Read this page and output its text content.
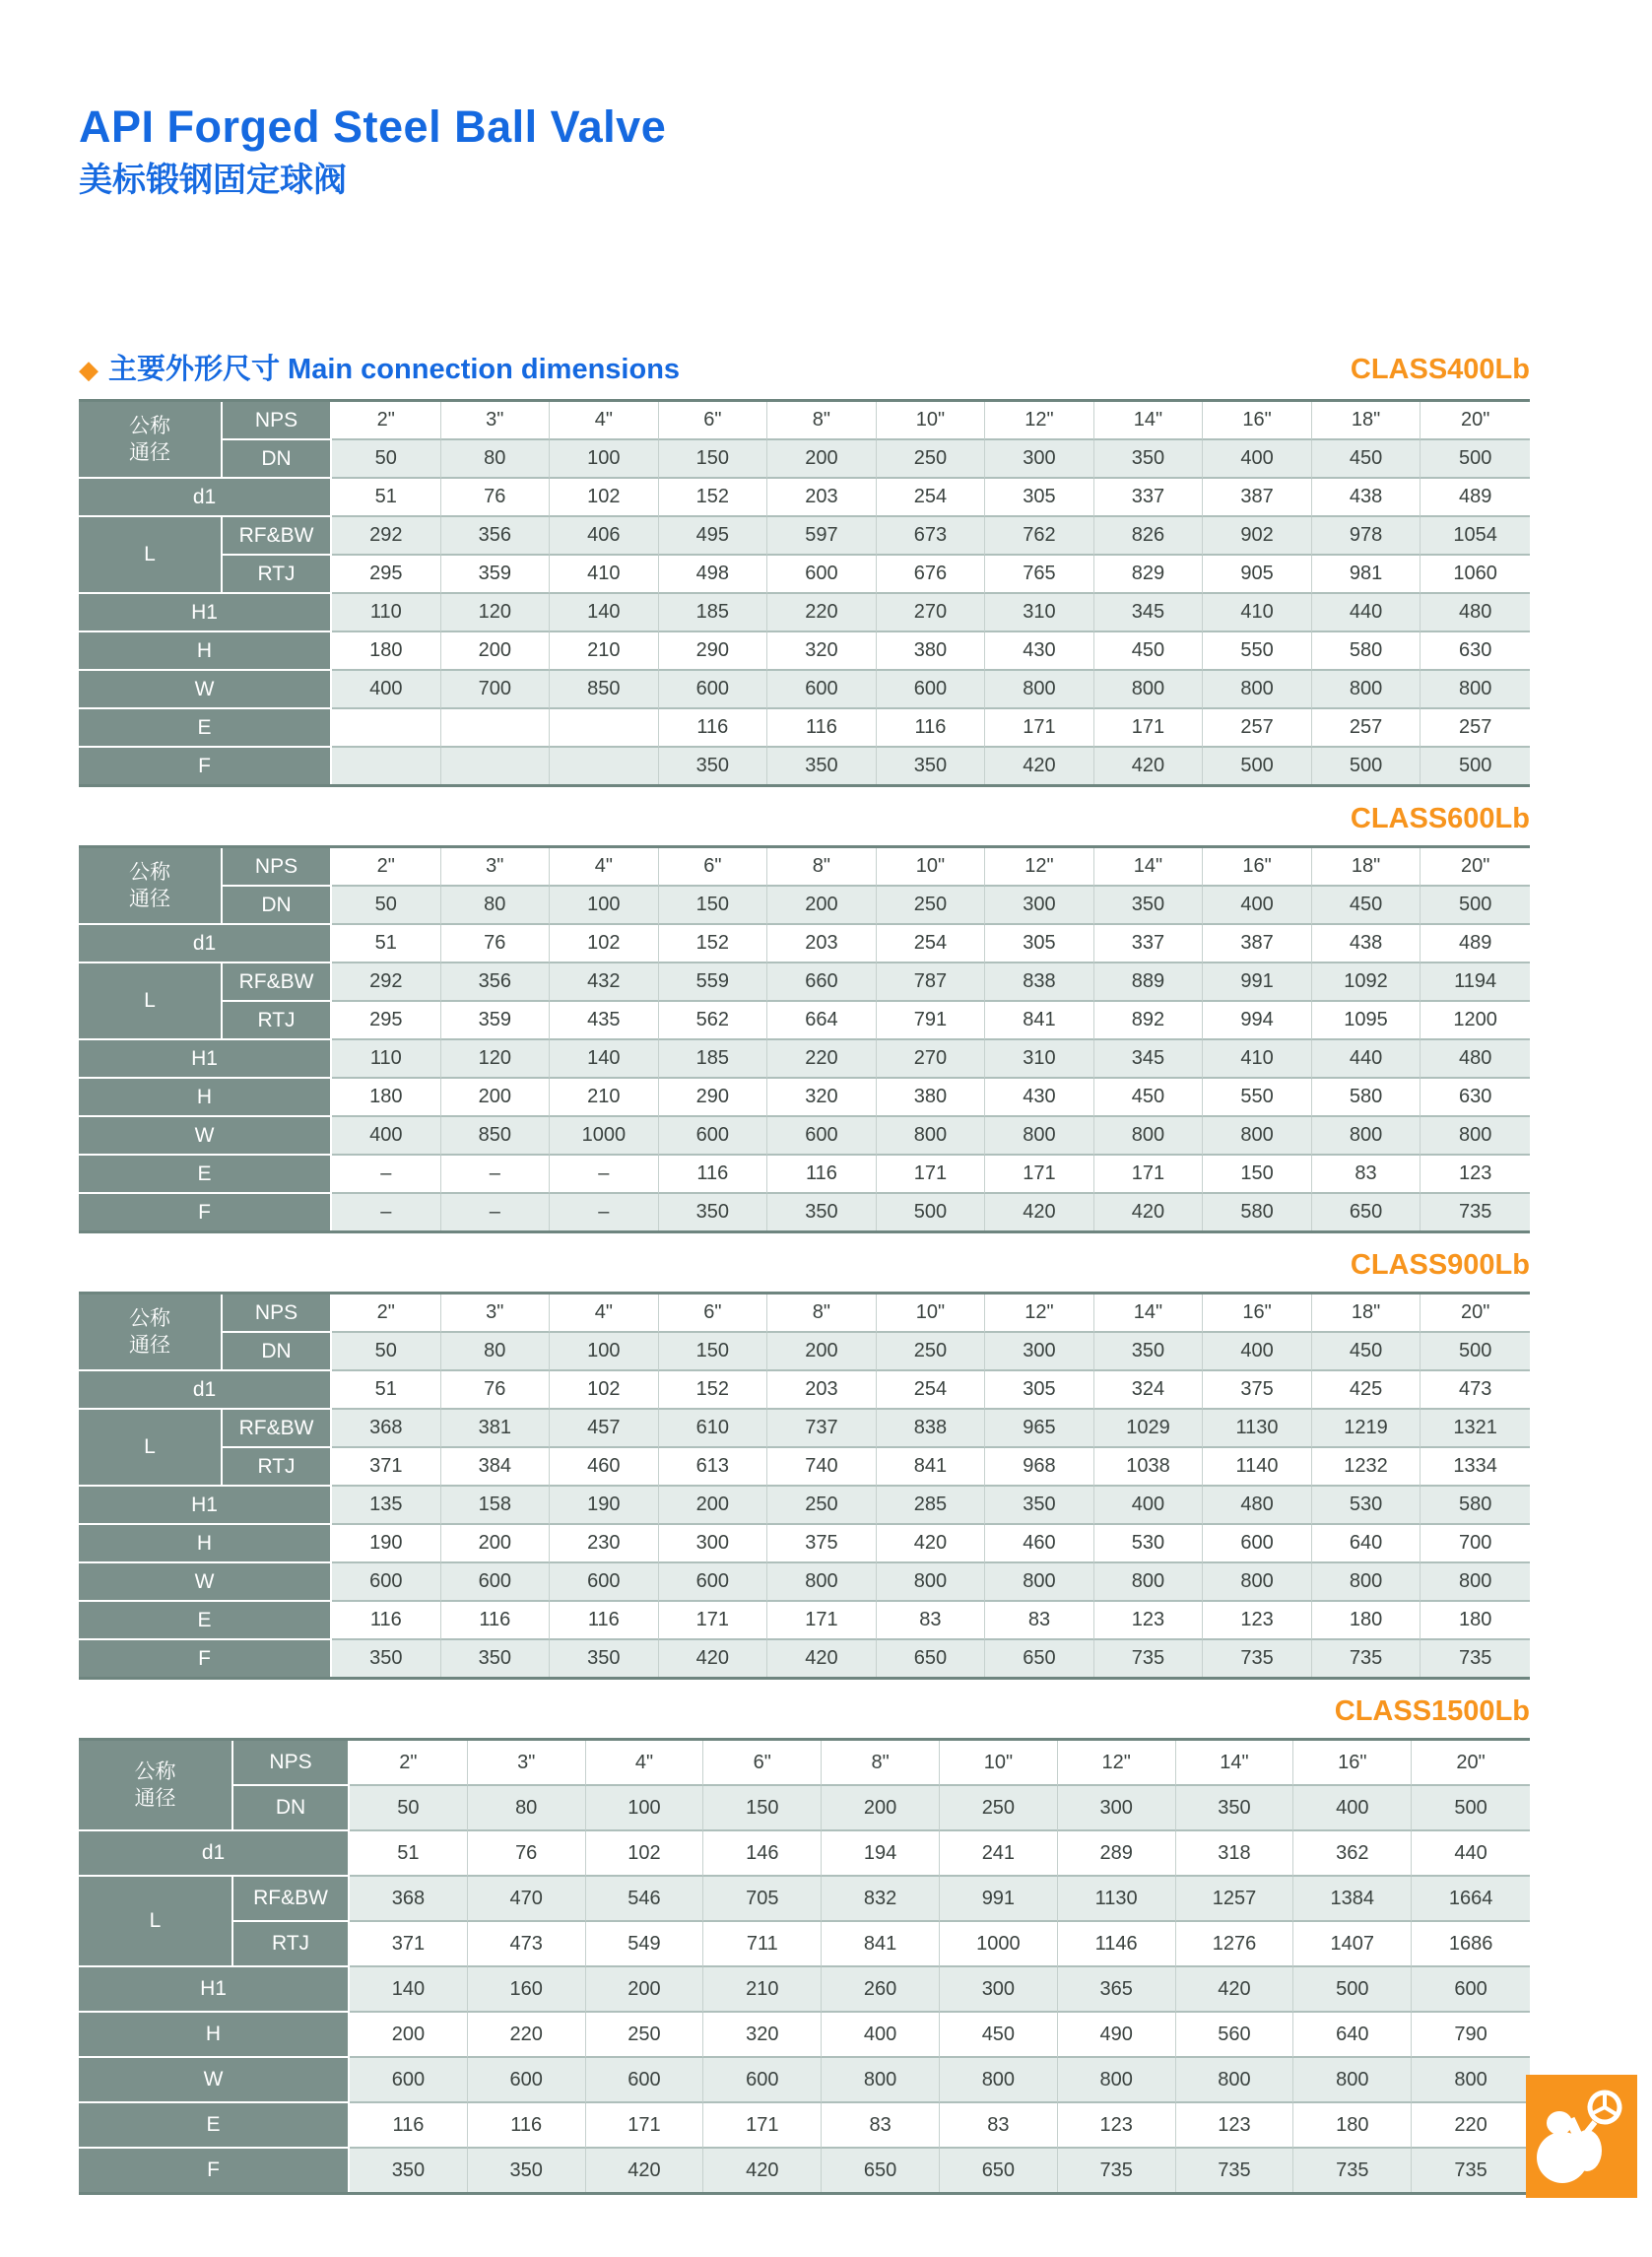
API Forged Steel Ball Valve
美标锻钢固定球阀
◆ 主要外形尺寸 Main connection dimensions	CLASS400Lb
公称通径	NPS	2"	3"	4"	6"	8"	10"	12"	14"	16"	18"	20"
	DN	50	80	100	150	200	250	300	350	400	450	500
d1		51	76	102	152	203	254	305	337	387	438	489
L	RF&BW	292	356	406	495	597	673	762	826	902	978	1054
	RTJ	295	359	410	498	600	676	765	829	905	981	1060
H1		110	120	140	185	220	270	310	345	410	440	480
H		180	200	210	290	320	380	430	450	550	580	630
W		400	700	850	600	600	600	800	800	800	800	800
E					116	116	116	171	171	257	257	257
F					350	350	350	420	420	500	500	500
CLASS600Lb
公称通径	NPS	2"	3"	4"	6"	8"	10"	12"	14"	16"	18"	20"
	DN	50	80	100	150	200	250	300	350	400	450	500
d1		51	76	102	152	203	254	305	337	387	438	489
L	RF&BW	292	356	432	559	660	787	838	889	991	1092	1194
	RTJ	295	359	435	562	664	791	841	892	994	1095	1200
H1		110	120	140	185	220	270	310	345	410	440	480
H		180	200	210	290	320	380	430	450	550	580	630
W		400	850	1000	600	600	800	800	800	800	800	800
E		–	–	–	116	116	171	171	171	150	83	123
F		–	–	–	350	350	500	420	420	580	650	735
CLASS900Lb
公称通径	NPS	2"	3"	4"	6"	8"	10"	12"	14"	16"	18"	20"
	DN	50	80	100	150	200	250	300	350	400	450	500
d1		51	76	102	152	203	254	305	324	375	425	473
L	RF&BW	368	381	457	610	737	838	965	1029	1130	1219	1321
	RTJ	371	384	460	613	740	841	968	1038	1140	1232	1334
H1		135	158	190	200	250	285	350	400	480	530	580
H		190	200	230	300	375	420	460	530	600	640	700
W		600	600	600	600	800	800	800	800	800	800	800
E		116	116	116	171	171	83	83	123	123	180	180
F		350	350	350	420	420	650	650	735	735	735	735
CLASS1500Lb
公称通径	NPS	2"	3"	4"	6"	8"	10"	12"	14"	16"	20"
	DN	50	80	100	150	200	250	300	350	400	500
d1		51	76	102	146	194	241	289	318	362	440
L	RF&BW	368	470	546	705	832	991	1130	1257	1384	1664
	RTJ	371	473	549	711	841	1000	1146	1276	1407	1686
H1		140	160	200	210	260	300	365	420	500	600
H		200	220	250	320	400	450	490	560	640	790
W		600	600	600	600	800	800	800	800	800	800
E		116	116	171	171	83	83	123	123	180	220
F		350	350	420	420	650	650	735	735	735	735
